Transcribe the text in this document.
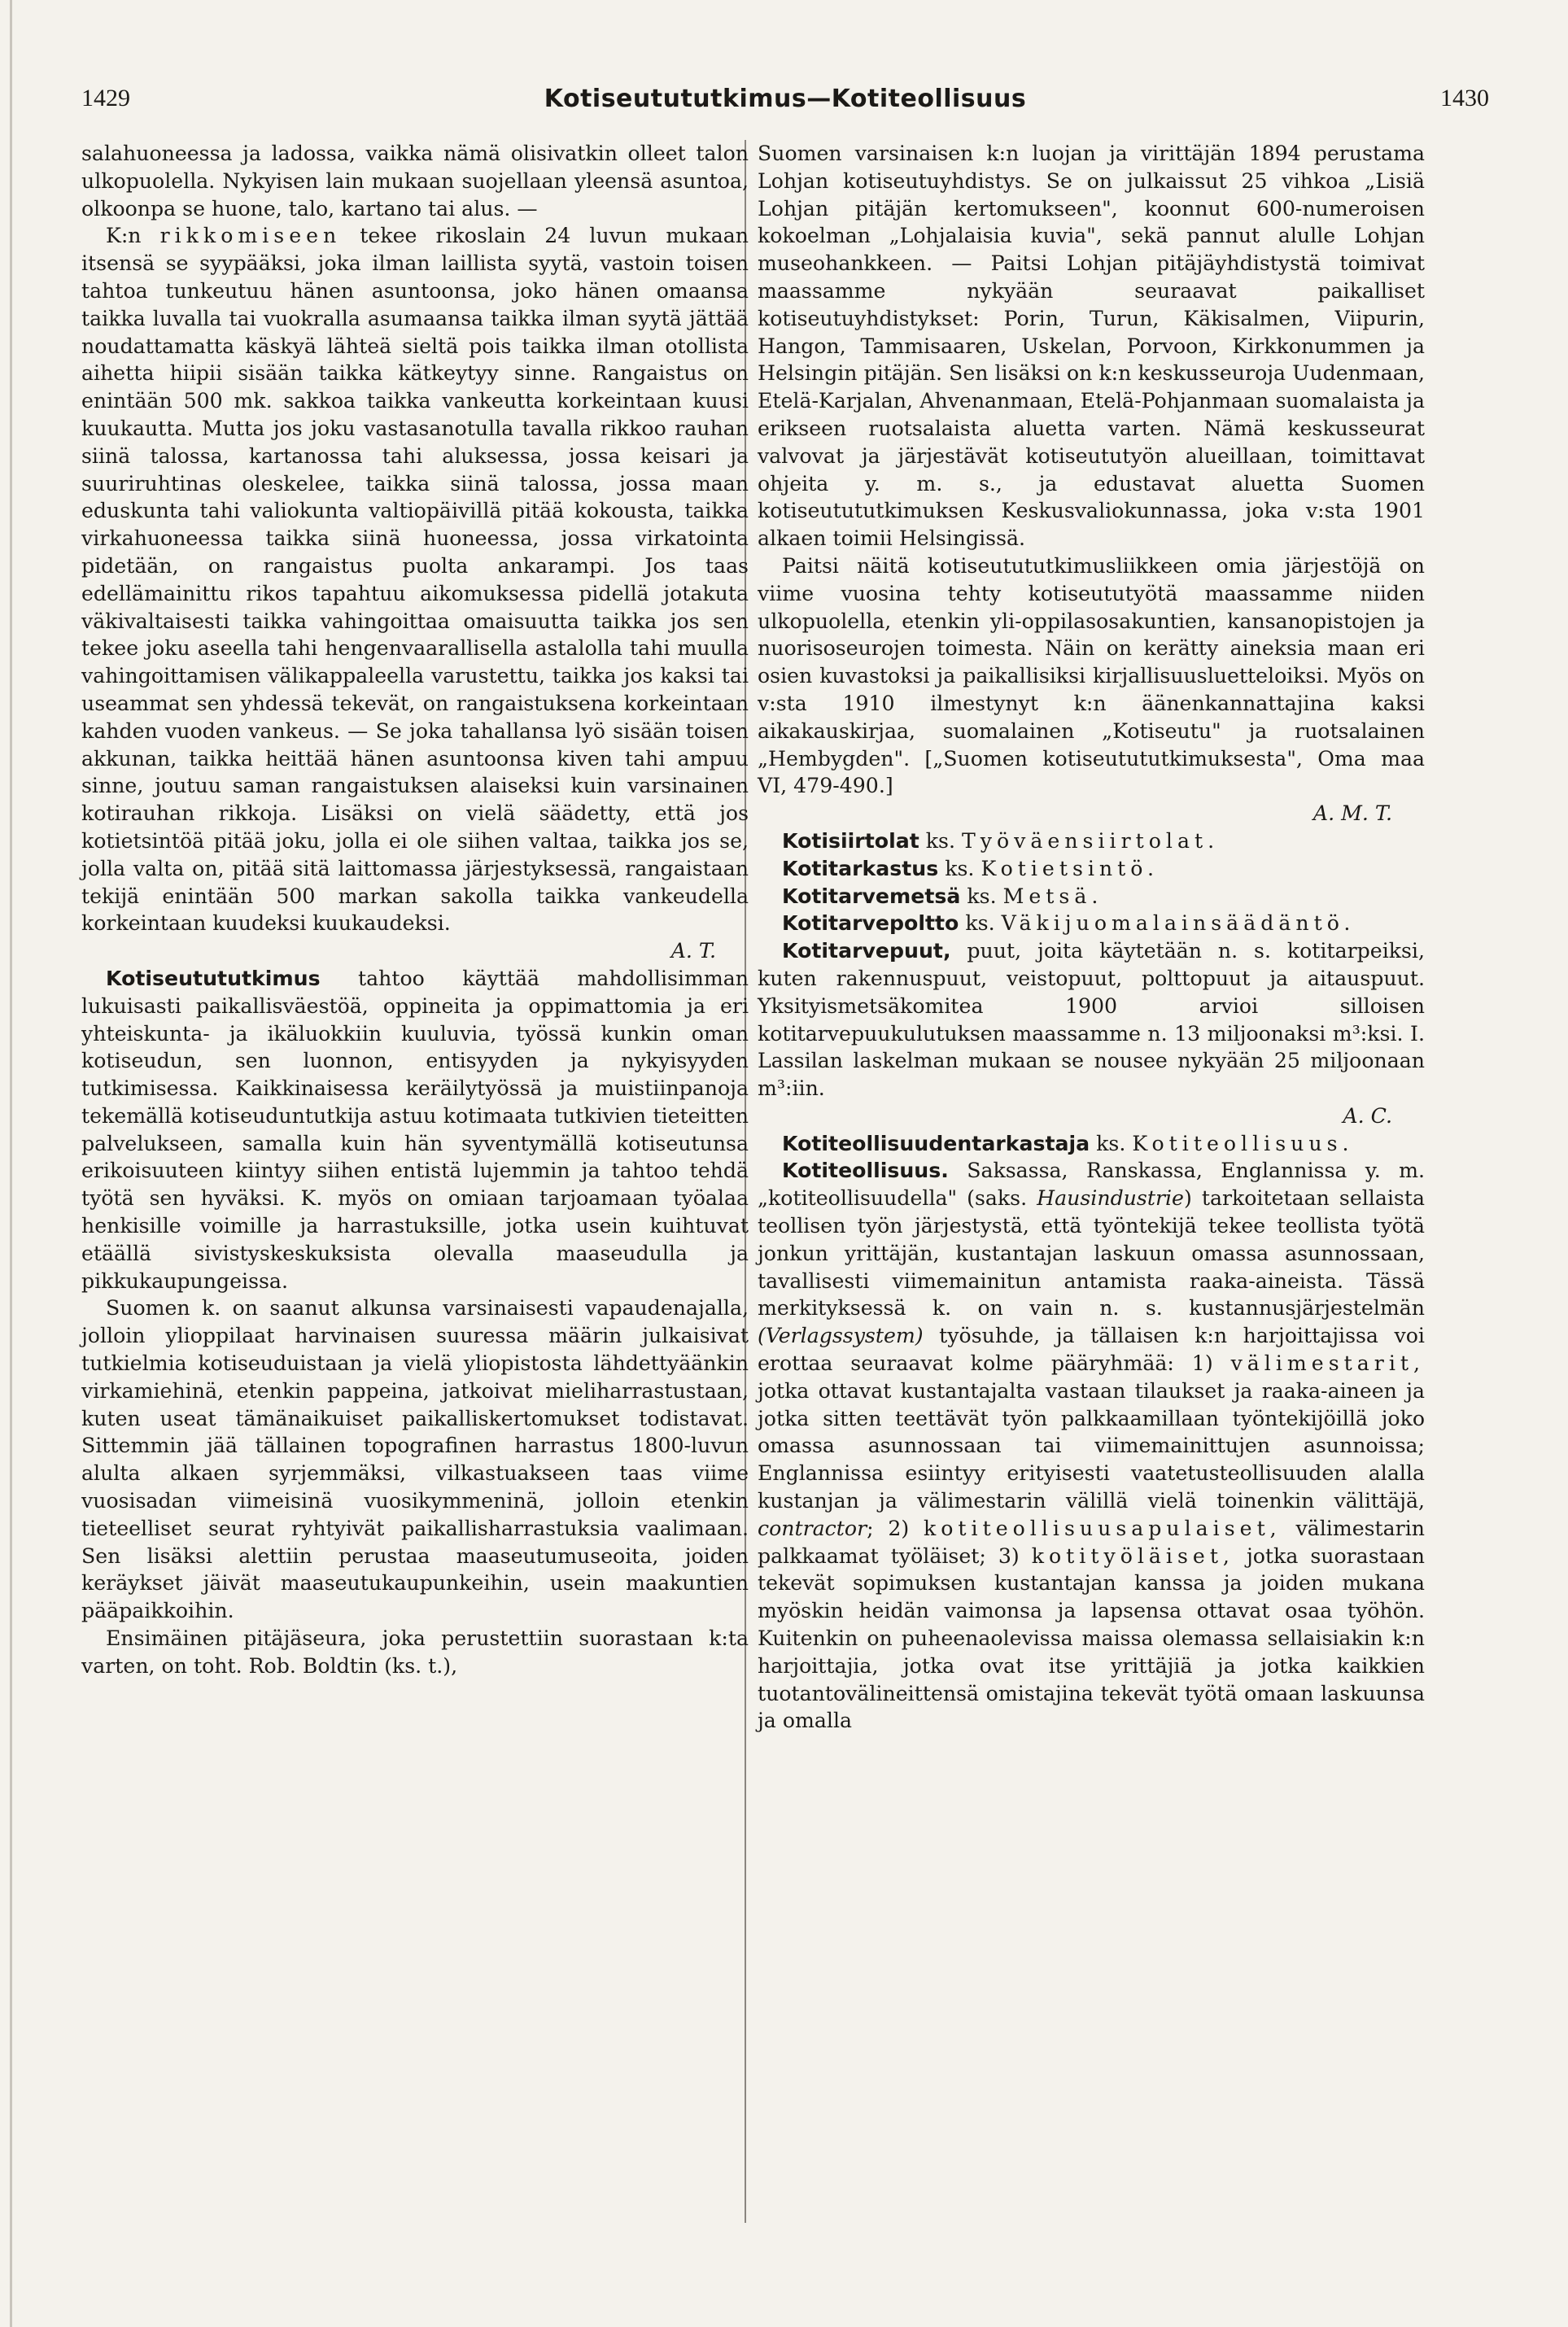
1429	Kotiseutututkimus—Kotiteollisuus	1430

salahuoneessa ja ladossa, vaikka nämä olisivatkin olleet talon ulkopuolella. Nykyisen lain mukaan suojellaan yleensä asuntoa, olkoonpa se huone, talo, kartano tai alus. —

K:n rikkomiseen tekee rikoslain 24 luvun mukaan itsensä se syypääksi, joka ilman laillista syytä, vastoin toisen tahtoa tunkeutuu hänen asuntoonsa, joko hänen omaansa taikka luvalla tai vuokralla asumaansa taikka ilman syytä jättää noudattamatta käskyä lähteä sieltä pois taikka ilman otollista aihetta hiipii sisään taikka kätkeytyy sinne. Rangaistus on enintään 500 mk. sakkoa taikka vankeutta korkeintaan kuusi kuukautta. Mutta jos joku vastasanotulla tavalla rikkoo rauhan siinä talossa, kartanossa tahi aluksessa, jossa keisari ja suuriruhtinas oleskelee, taikka siinä talossa, jossa maan eduskunta tahi valiokunta valtiopäivillä pitää kokousta, taikka virkahuoneessa taikka siinä huoneessa, jossa virkatointa pidetään, on rangaistus puolta ankarampi. Jos taas edellämainittu rikos tapahtuu aikomuksessa pidellä jotakuta väkivaltaisesti taikka vahingoittaa omaisuutta taikka jos sen tekee joku aseella tahi hengenvaarallisella astalolla tahi muulla vahingoittamisen välikappaleella varustettu, taikka jos kaksi tai useammat sen yhdessä tekevät, on rangaistuksena korkeintaan kahden vuoden vankeus. — Se joka tahallansa lyö sisään toisen akkunan, taikka heittää hänen asuntoonsa kiven tahi ampuu sinne, joutuu saman rangaistuksen alaiseksi kuin varsinainen kotirauhan rikkoja. Lisäksi on vielä säädetty, että jos kotietsintöä pitää joku, jolla ei ole siihen valtaa, taikka jos se, jolla valta on, pitää sitä laittomassa järjestyksessä, rangaistaan tekijä enintään 500 markan sakolla taikka vankeudella korkeintaan kuudeksi kuukaudeksi.

A. T.

Kotiseutututkimus tahtoo käyttää mahdollisimman lukuisasti paikallisväestöä, oppineita ja oppimattomia ja eri yhteiskunta- ja ikäluokkiin kuuluvia, työssä kunkin oman kotiseudun, sen luonnon, entisyyden ja nykyisyyden tutkimisessa. Kaikkinaisessa keräilytyössä ja muistiinpanoja tekemällä kotiseuduntutkija astuu kotimaata tutkivien tieteitten palvelukseen, samalla kuin hän syventymällä kotiseutunsa erikoisuuteen kiintyy siihen entistä lujemmin ja tahtoo tehdä työtä sen hyväksi. K. myös on omiaan tarjoamaan työalaa henkisille voimille ja harrastuksille, jotka usein kuihtuvat etäällä sivistyskeskuksista olevalla maaseudulla ja pikkukaupungeissa.

Suomen k. on saanut alkunsa varsinaisesti vapaudenajalla, jolloin ylioppilaat harvinaisen suuressa määrin julkaisivat tutkielmia kotiseuduistaan ja vielä yliopistosta lähdettyäänkin virkamiehinä, etenkin pappeina, jatkoivat mieliharrastustaan, kuten useat tämänaikuiset paikalliskertomukset todistavat. Sittemmin jää tällainen topografinen harrastus 1800-luvun alulta alkaen syrjemmäksi, vilkastuakseen taas viime vuosisadan viimeisinä vuosikymmeninä, jolloin etenkin tieteelliset seurat ryhtyivät paikallisharrastuksia vaalimaan. Sen lisäksi alettiin perustaa maaseutumuseoita, joiden keräykset jäivät maaseutukaupunkeihin, usein maakuntien pääpaikkoihin.

Ensimäinen pitäjäseura, joka perustettiin suorastaan k:ta varten, on toht. Rob. Boldtin (ks. t.),

Suomen varsinaisen k:n luojan ja virittäjän 1894 perustama Lohjan kotiseutuyhdistys. Se on julkaissut 25 vihkoa „Lisiä Lohjan pitäjän kertomukseen", koonnut 600-numeroisen kokoelman „Lohjalaisia kuvia", sekä pannut alulle Lohjan museohankkeen. — Paitsi Lohjan pitäjäyhdistystä toimivat maassamme nykyään seuraavat paikalliset kotiseutuyhdistykset: Porin, Turun, Käkisalmen, Viipurin, Hangon, Tammisaaren, Uskelan, Porvoon, Kirkkonummen ja Helsingin pitäjän. Sen lisäksi on k:n keskusseuroja Uudenmaan, Etelä-Karjalan, Ahvenanmaan, Etelä-Pohjanmaan suomalaista ja erikseen ruotsalaista aluetta varten. Nämä keskusseurat valvovat ja järjestävät kotiseututyön alueillaan, toimittavat ohjeita y. m. s., ja edustavat aluetta Suomen kotiseutututkimuksen Keskusvaliokunnassa, joka v:sta 1901 alkaen toimii Helsingissä.

Paitsi näitä kotiseutututkimusliikkeen omia järjestöjä on viime vuosina tehty kotiseututyötä maassamme niiden ulkopuolella, etenkin yli-oppilasosakuntien, kansanopistojen ja nuorisoseurojen toimesta. Näin on kerätty aineksia maan eri osien kuvastoksi ja paikallisiksi kirjallisuusluetteloiksi. Myös on v:sta 1910 ilmestynyt k:n äänenkannattajina kaksi aikakauskirjaa, suomalainen „Kotiseutu" ja ruotsalainen „Hembygden". [„Suomen kotiseutututkimuksesta", Oma maa VI, 479-490.]

A. M. T.

Kotisiirtolat ks. Työväensiirtolat.

Kotitarkastus ks. Kotietsintö.

Kotitarvemetsä ks. Metsä.

Kotitarvepoltto ks. Väkijuomalainsäädäntö.

Kotitarvepuut, puut, joita käytetään n. s. kotitarpeiksi, kuten rakennuspuut, veistopuut, polttopuut ja aitauspuut. Yksityismetsäkomitea 1900 arvioi silloisen kotitarvepuukulutuksen maassamme n. 13 miljoonaksi m³:ksi. I. Lassilan laskelman mukaan se nousee nykyään 25 miljoonaan m³:iin.

A. C.

Kotiteollisuudentarkastaja ks. Kotiteollisuus.

Kotiteollisuus. Saksassa, Ranskassa, Englannissa y. m. „kotiteollisuudella" (saks. Hausindustrie) tarkoitetaan sellaista teollisen työn järjestystä, että työntekijä tekee teollista työtä jonkun yrittäjän, kustantajan laskuun omassa asunnossaan, tavallisesti viimemainitun antamista raaka-aineista. Tässä merkityksessä k. on vain n. s. kustannusjärjestelmän (Verlagssystem) työsuhde, ja tällaisen k:n harjoittajissa voi erottaa seuraavat kolme pääryhmää: 1) välimestarit, jotka ottavat kustantajalta vastaan tilaukset ja raaka-aineen ja jotka sitten teettävät työn palkkaamillaan työntekijöillä joko omassa asunnossaan tai viimemainittujen asunnoissa; Englannissa esiintyy erityisesti vaatetusteollisuuden alalla kustanjan ja välimestarin välillä vielä toinenkin välittäjä, contractor; 2) kotiteollisuusapulaiset, välimestarin palkkaamat työläiset; 3) kotityöläiset, jotka suorastaan tekevät sopimuksen kustantajan kanssa ja joiden mukana myöskin heidän vaimonsa ja lapsensa ottavat osaa työhön. Kuitenkin on puheenaolevissa maissa olemassa sellaisiakin k:n harjoittajia, jotka ovat itse yrittäjiä ja jotka kaikkien tuotantovälineittensä omistajina tekevät työtä omaan laskuunsa ja omalla
